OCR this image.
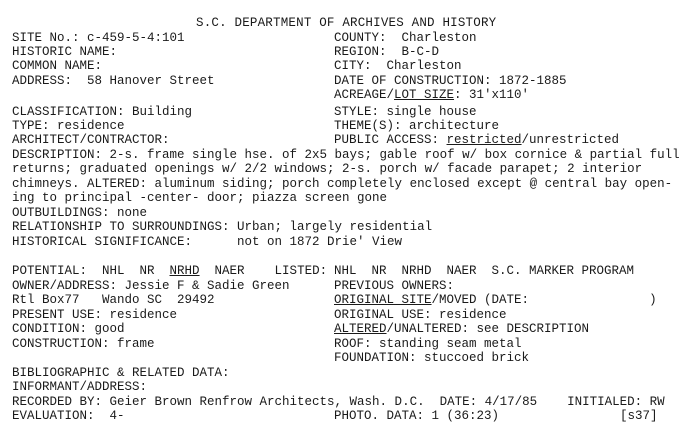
S.C. DEPARTMENT OF ARCHIVES AND HISTORY
SITE No.: c-459-5-4:101	COUNTY:  Charleston
HISTORIC NAME:	REGION:  B-C-D
COMMON NAME:	CITY:  Charleston
ADDRESS:  58 Hanover Street	DATE OF CONSTRUCTION: 1872-1885
ACREAGE/LOT SIZE: 31'x110'
CLASSIFICATION: Building	STYLE: single house
TYPE: residence	THEME(S): architecture
ARCHITECT/CONTRACTOR:	PUBLIC ACCESS: restricted/unrestricted
DESCRIPTION: 2-s. frame single hse. of 2x5 bays; gable roof w/ box cornice & partial full
returns; graduated openings w/ 2/2 windows; 2-s. porch w/ facade parapet; 2 interior
chimneys. ALTERED: aluminum siding; porch completely enclosed except @ central bay open-
ing to principal -center- door; piazza screen gone
OUTBUILDINGS: none
RELATIONSHIP TO SURROUNDINGS: Urban; largely residential
HISTORICAL SIGNIFICANCE:      not on 1872 Drie' View
POTENTIAL:  NHL  NR  NRHD  NAER    LISTED: NHL  NR  NRHD  NAER  S.C. MARKER PROGRAM
OWNER/ADDRESS: Jessie F & Sadie Green	PREVIOUS OWNERS:
Rtl Box77   Wando SC  29492	ORIGINAL SITE/MOVED (DATE:                )
PRESENT USE: residence	ORIGINAL USE: residence
CONDITION: good	ALTERED/UNALTERED: see DESCRIPTION
CONSTRUCTION: frame	ROOF: standing seam metal
FOUNDATION: stuccoed brick
BIBLIOGRAPHIC & RELATED DATA:
INFORMANT/ADDRESS:
RECORDED BY: Geier Brown Renfrow Architects, Wash. D.C.  DATE: 4/17/85    INITIALED: RW
EVALUATION:  4-	PHOTO. DATA: 1 (36:23)	[s37]
